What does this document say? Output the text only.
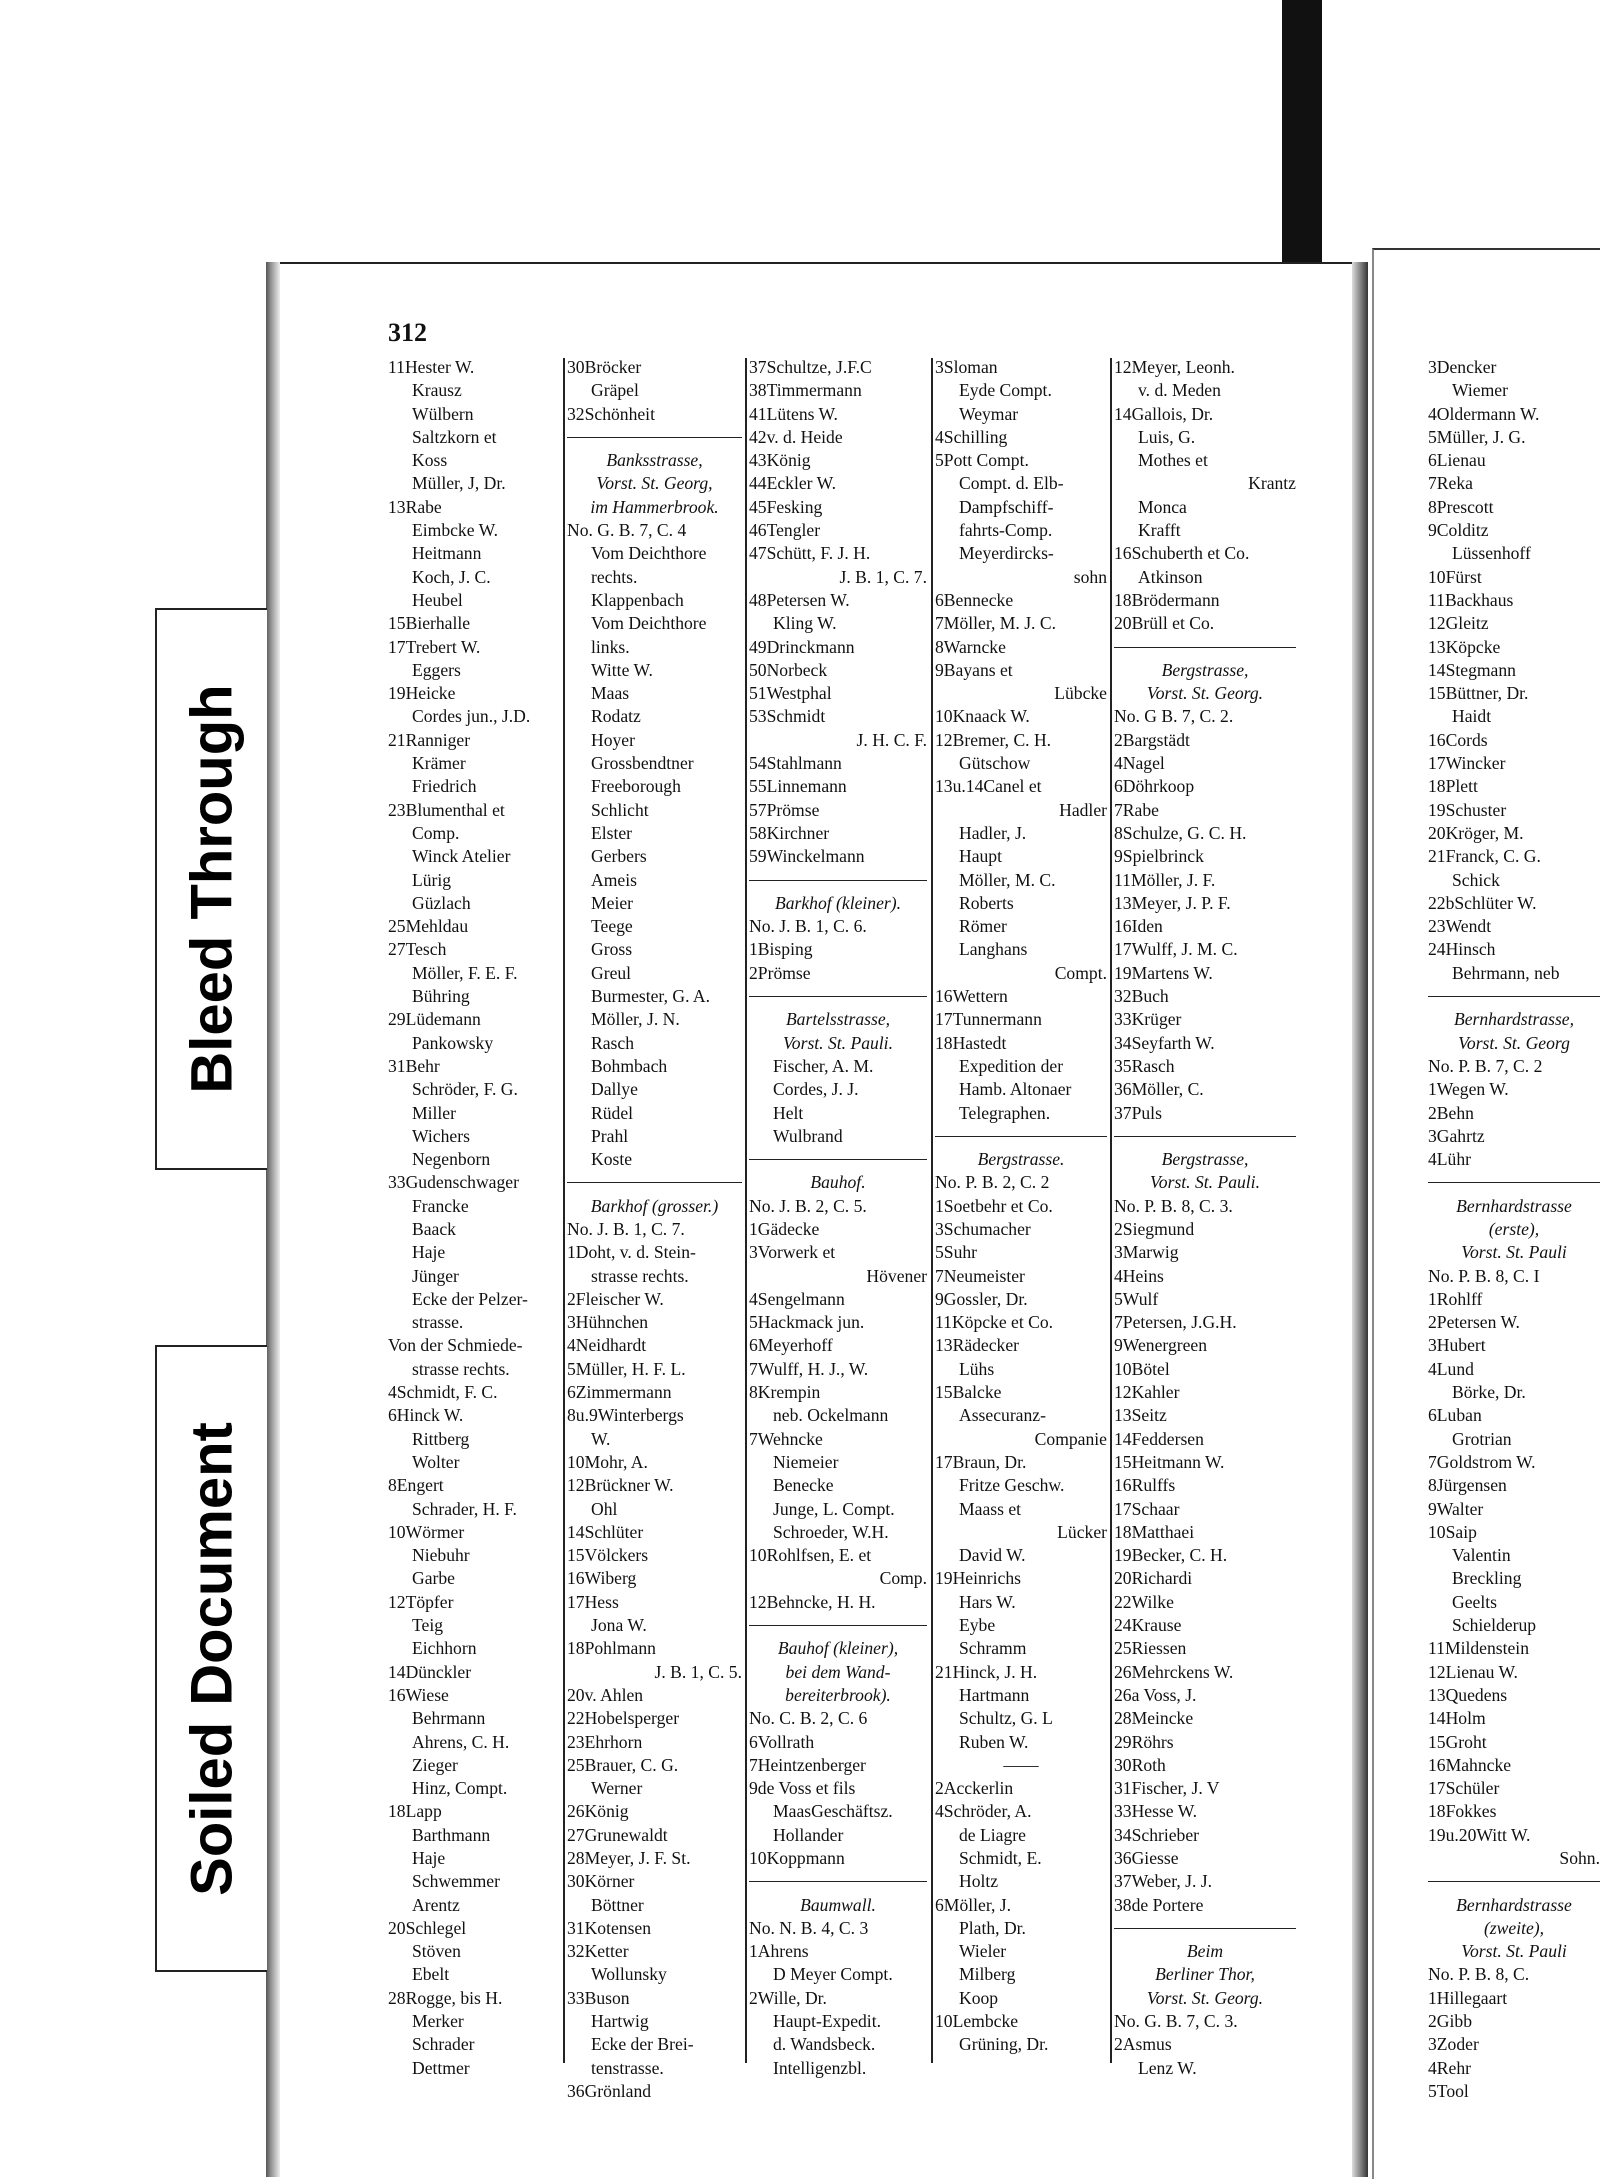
Bleed Through
Soiled Document
312
11Hester W.
Krausz
Wülbern
Saltzkorn et
Koss
Müller, J, Dr.
13Rabe
Eimbcke W.
Heitmann
Koch, J. C.
Heubel
15Bierhalle
17Trebert W.
Eggers
19Heicke
Cordes jun., J.D.
21Ranniger
Krämer
Friedrich
23Blumenthal et
Comp.
Winck Atelier
Lürig
Güzlach
25Mehldau
27Tesch
Möller, F. E. F.
Bühring
29Lüdemann
Pankowsky
31Behr
Schröder, F. G.
Miller
Wichers
Negenborn
33Gudenschwager
Francke
Baack
Haje
Jünger
Ecke der Pelzer-
strasse.
Von der Schmiede-
strasse rechts.
4Schmidt, F. C.
6Hinck W.
Rittberg
Wolter
8Engert
Schrader, H. F.
10Wörmer
Niebuhr
Garbe
12Töpfer
Teig
Eichhorn
14Dünckler
16Wiese
Behrmann
Ahrens, C. H.
Zieger
Hinz, Compt.
18Lapp
Barthmann
Haje
Schwemmer
Arentz
20Schlegel
Stöven
Ebelt
28Rogge, bis H.
Merker
Schrader
Dettmer
30Bröcker
Gräpel
32Schönheit
Banksstrasse,
Vorst. St. Georg,
im Hammerbrook.
No. G. B. 7, C. 4
Vom Deichthore
rechts.
Klappenbach
Vom Deichthore
links.
Witte W.
Maas
Rodatz
Hoyer
Grossbendtner
Freeborough
Schlicht
Elster
Gerbers
Ameis
Meier
Teege
Gross
Greul
Burmester, G. A.
Möller, J. N.
Rasch
Bohmbach
Dallye
Rüdel
Prahl
Koste
Barkhof (grosser.)
No. J. B. 1, C. 7.
1Doht, v. d. Stein-
strasse rechts.
2Fleischer W.
3Hühnchen
4Neidhardt
5Müller, H. F. L.
6Zimmermann
8u.9Winterbergs
W.
10Mohr, A.
12Brückner W.
Ohl
14Schlüter
15Völckers
16Wiberg
17Hess
Jona W.
18Pohlmann
J. B. 1, C. 5.
20v. Ahlen
22Hobelsperger
23Ehrhorn
25Brauer, C. G.
Werner
26König
27Grunewaldt
28Meyer, J. F. St.
30Körner
Böttner
31Kotensen
32Ketter
Wollunsky
33Buson
Hartwig
Ecke der Brei-
tenstrasse.
36Grönland
37Schultze, J.F.C
38Timmermann
41Lütens W.
42v. d. Heide
43König
44Eckler W.
45Fesking
46Tengler
47Schütt, F. J. H.
J. B. 1, C. 7.
48Petersen W.
Kling W.
49Drinckmann
50Norbeck
51Westphal
53Schmidt
J. H. C. F.
54Stahlmann
55Linnemann
57Prömse
58Kirchner
59Winckelmann
Barkhof (kleiner).
No. J. B. 1, C. 6.
1Bisping
2Prömse
Bartelsstrasse,
Vorst. St. Pauli.
Fischer, A. M.
Cordes, J. J.
Helt
Wulbrand
Bauhof.
No. J. B. 2, C. 5.
1Gädecke
3Vorwerk et
Hövener
4Sengelmann
5Hackmack jun.
6Meyerhoff
7Wulff, H. J., W.
8Krempin
neb. Ockelmann
7Wehncke
Niemeier
Benecke
Junge, L. Compt.
Schroeder, W.H.
10Rohlfsen, E. et
Comp.
12Behncke, H. H.
Bauhof (kleiner),
bei dem Wand-
bereiterbrook).
No. C. B. 2, C. 6
6Vollrath
7Heintzenberger
9de Voss et fils
MaasGeschäftsz.
Hollander
10Koppmann
Baumwall.
No. N. B. 4, C. 3
1Ahrens
D Meyer Compt.
2Wille, Dr.
Haupt-Expedit.
d. Wandsbeck.
Intelligenzbl.
3Sloman
Eyde Compt.
Weymar
4Schilling
5Pott Compt.
Compt. d. Elb-
Dampfschiff-
fahrts-Comp.
Meyerdircks-
sohn
6Bennecke
7Möller, M. J. C.
8Warncke
9Bayans et
Lübcke
10Knaack W.
12Bremer, C. H.
Gütschow
13u.14Canel et
Hadler
Hadler, J.
Haupt
Möller, M. C.
Roberts
Römer
Langhans
Compt.
16Wettern
17Tunnermann
18Hastedt
Expedition der
Hamb. Altonaer
Telegraphen.
Bergstrasse.
No. P. B. 2, C. 2
1Soetbehr et Co.
3Schumacher
5Suhr
7Neumeister
9Gossler, Dr.
11Köpcke et Co.
13Rädecker
Lühs
15Balcke
Assecuranz-
Companie
17Braun, Dr.
Fritze Geschw.
Maass et
Lücker
David W.
19Heinrichs
Hars W.
Eybe
Schramm
21Hinck, J. H.
Hartmann
Schultz, G. L
Ruben W.
——
2Acckerlin
4Schröder, A.
de Liagre
Schmidt, E.
Holtz
6Möller, J.
Plath, Dr.
Wieler
Milberg
Koop
10Lembcke
Grüning, Dr.
12Meyer, Leonh.
v. d. Meden
14Gallois, Dr.
Luis, G.
Mothes et
Krantz
Monca
Krafft
16Schuberth et Co.
Atkinson
18Brödermann
20Brüll et Co.
Bergstrasse,
Vorst. St. Georg.
No. G B. 7, C. 2.
2Bargstädt
4Nagel
6Döhrkoop
7Rabe
8Schulze, G. C. H.
9Spielbrinck
11Möller, J. F.
13Meyer, J. P. F.
16Iden
17Wulff, J. M. C.
19Martens W.
32Buch
33Krüger
34Seyfarth W.
35Rasch
36Möller, C.
37Puls
Bergstrasse,
Vorst. St. Pauli.
No. P. B. 8, C. 3.
2Siegmund
3Marwig
4Heins
5Wulf
7Petersen, J.G.H.
9Wenergreen
10Bötel
12Kahler
13Seitz
14Feddersen
15Heitmann W.
16Rulffs
17Schaar
18Matthaei
19Becker, C. H.
20Richardi
22Wilke
24Krause
25Riessen
26Mehrckens W.
26a Voss, J.
28Meincke
29Röhrs
30Roth
31Fischer, J. V
33Hesse W.
34Schrieber
36Giesse
37Weber, J. J.
38de Portere
Beim
Berliner Thor,
Vorst. St. Georg.
No. G. B. 7, C. 3.
2Asmus
Lenz W.
3Dencker
Wiemer
4Oldermann W.
5Müller, J. G.
6Lienau
7Reka
8Prescott
9Colditz
Lüssenhoff
10Fürst
11Backhaus
12Gleitz
13Köpcke
14Stegmann
15Büttner, Dr.
Haidt
16Cords
17Wincker
18Plett
19Schuster
20Kröger, M.
21Franck, C. G.
Schick
22bSchlüter W.
23Wendt
24Hinsch
Behrmann, neb
Bernhardstrasse,
Vorst. St. Georg
No. P. B. 7, C. 2
1Wegen W.
2Behn
3Gahrtz
4Lühr
Bernhardstrasse
(erste),
Vorst. St. Pauli
No. P. B. 8, C. I
1Rohlff
2Petersen W.
3Hubert
4Lund
Börke, Dr.
6Luban
Grotrian
7Goldstrom W.
8Jürgensen
9Walter
10Saip
Valentin
Breckling
Geelts
Schielderup
11Mildenstein
12Lienau W.
13Quedens
14Holm
15Groht
16Mahncke
17Schüler
18Fokkes
19u.20Witt W.
Sohn.
Bernhardstrasse
(zweite),
Vorst. St. Pauli
No. P. B. 8, C.
1Hillegaart
2Gibb
3Zoder
4Rehr
5Tool
